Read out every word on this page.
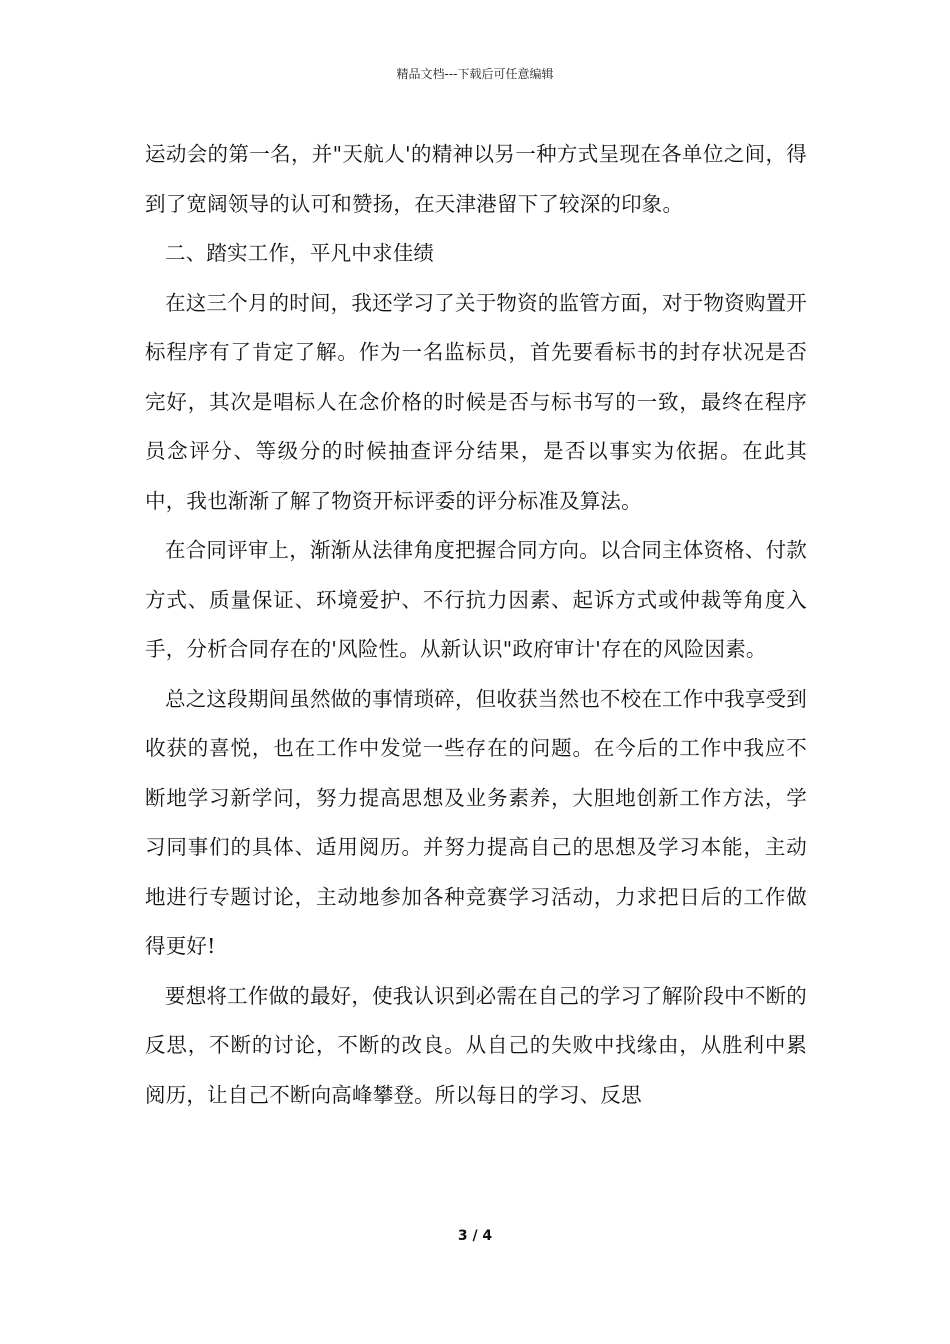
精品文档---下载后可任意编辑

运动会的第一名，并"天航人'的精神以另一种方式呈现在各单位之间，得到了宽阔领导的认可和赞扬，在天津港留下了较深的印象。

二、踏实工作，平凡中求佳绩

在这三个月的时间，我还学习了关于物资的监管方面，对于物资购置开标程序有了肯定了解。作为一名监标员，首先要看标书的封存状况是否完好，其次是唱标人在念价格的时候是否与标书写的一致，最终在程序员念评分、等级分的时候抽查评分结果，是否以事实为依据。在此其中，我也渐渐了解了物资开标评委的评分标准及算法。

在合同评审上，渐渐从法律角度把握合同方向。以合同主体资格、付款方式、质量保证、环境爱护、不行抗力因素、起诉方式或仲裁等角度入手，分析合同存在的'风险性。从新认识"政府审计'存在的风险因素。

总之这段期间虽然做的事情琐碎，但收获当然也不校在工作中我享受到收获的喜悦，也在工作中发觉一些存在的问题。在今后的工作中我应不断地学习新学问，努力提高思想及业务素养，大胆地创新工作方法，学习同事们的具体、适用阅历。并努力提高自己的思想及学习本能，主动地进行专题讨论，主动地参加各种竞赛学习活动，力求把日后的工作做得更好!

要想将工作做的最好，使我认识到必需在自己的学习了解阶段中不断的反思，不断的讨论，不断的改良。从自己的失败中找缘由，从胜利中累阅历，让自己不断向高峰攀登。所以每日的学习、反思

3 / 4
